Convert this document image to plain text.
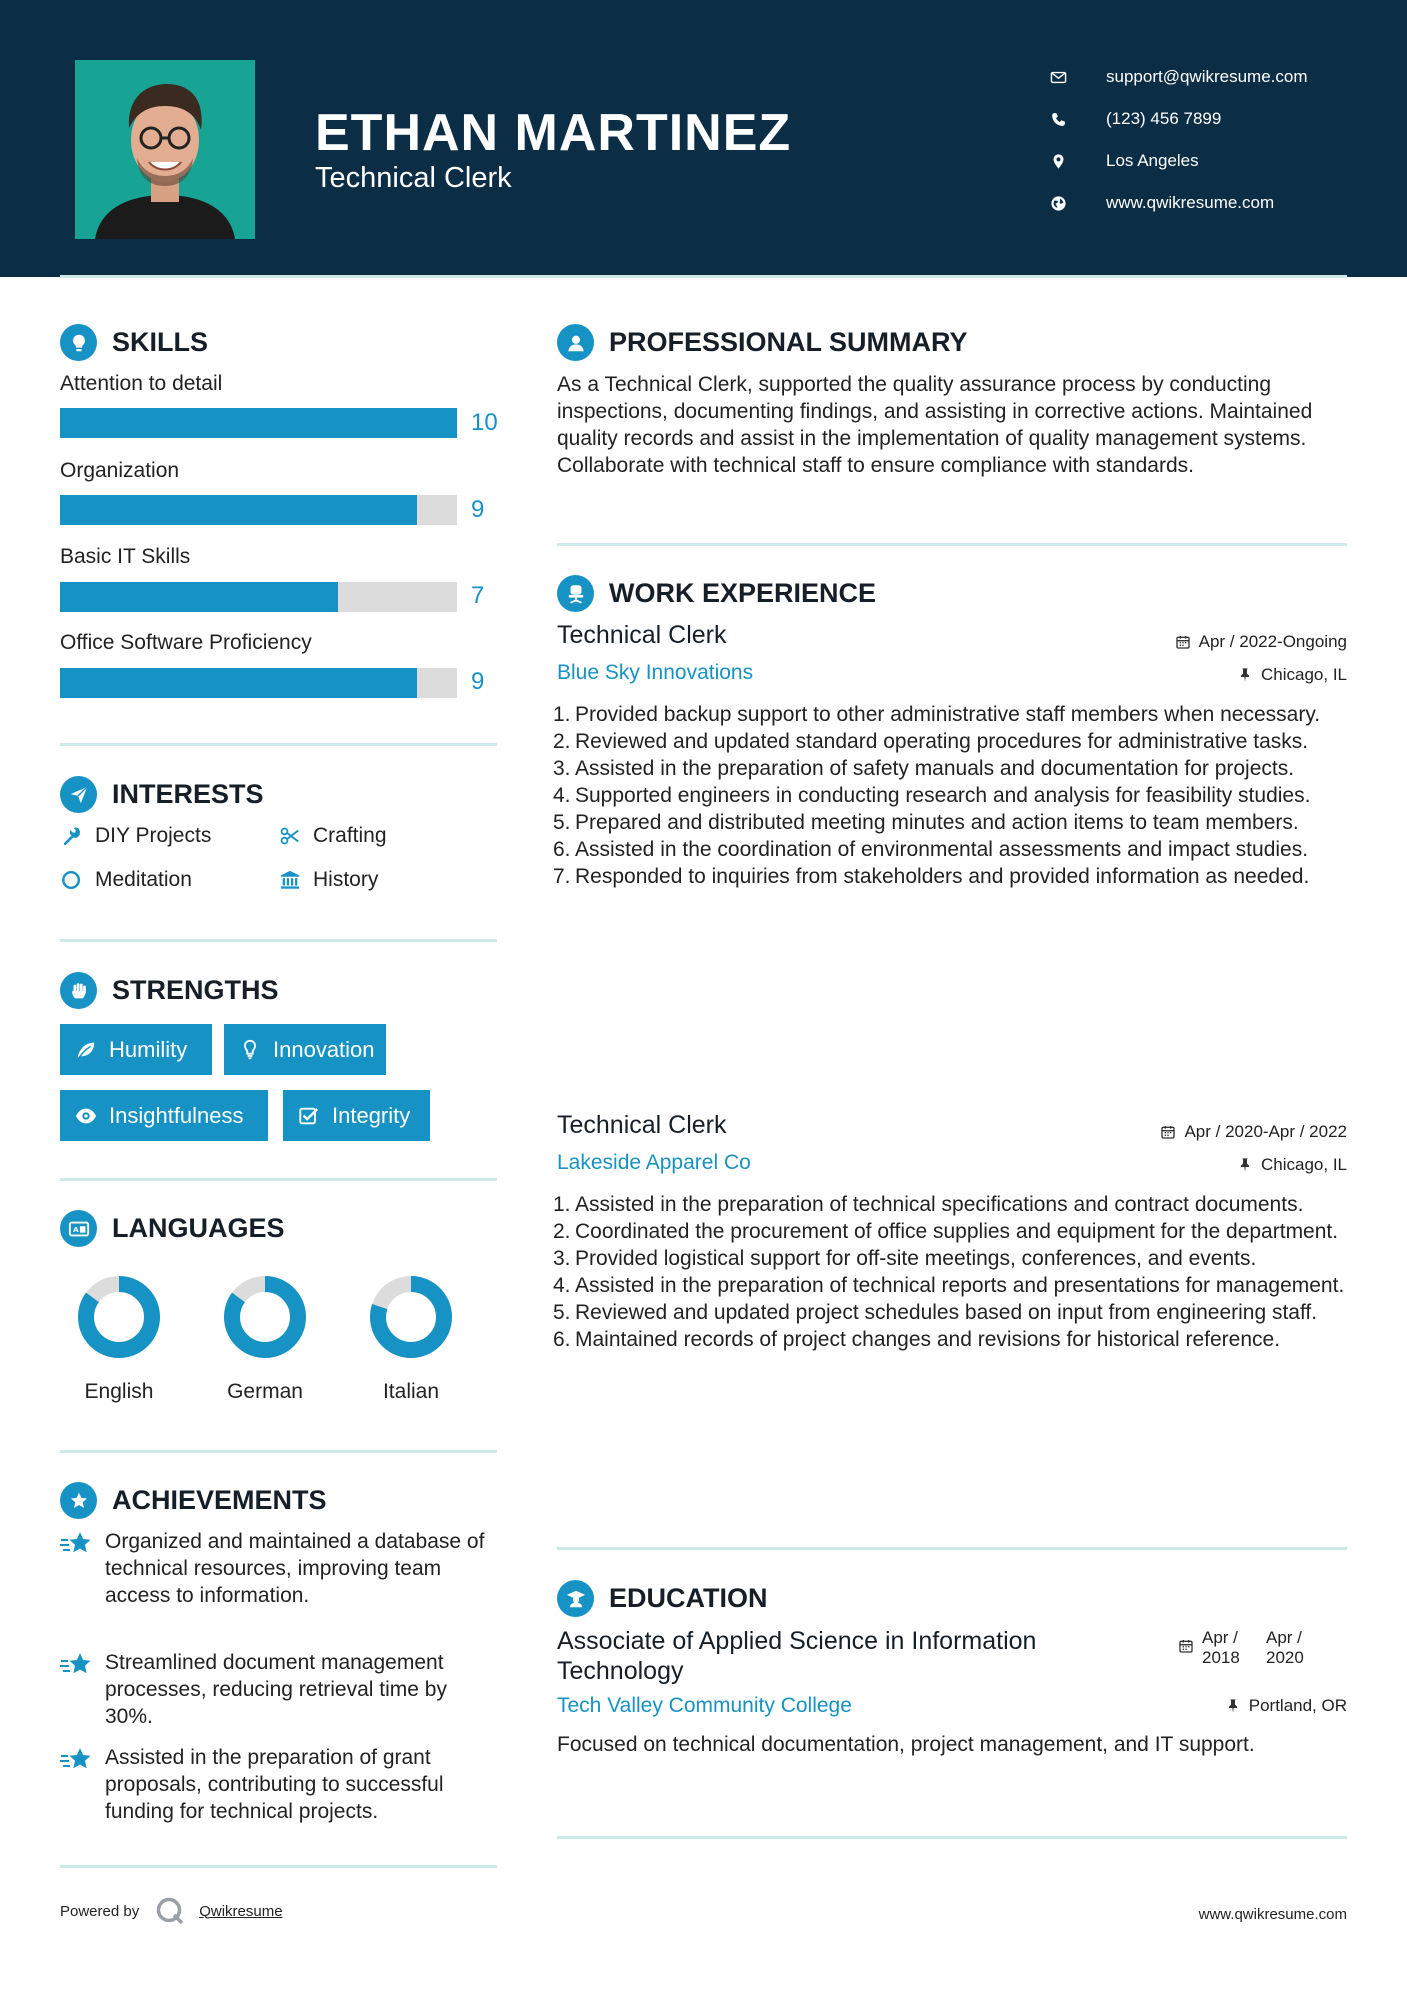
ETHAN MARTINEZ
Technical Clerk
support@qwikresume.com
(123) 456 7899
Los Angeles
www.qwikresume.com
SKILLS
Attention to detail
10
Organization
9
Basic IT Skills
7
Office Software Proficiency
9
INTERESTS
DIY Projects	Crafting
Meditation	History
STRENGTHS
Humility	Innovation
Insightfulness	Integrity
A LANGUAGES
English	German	Italian
ACHIEVEMENTS
Organized and maintained a database of technical resources, improving team access to information.
Streamlined document management processes, reducing retrieval time by 30%.
Assisted in the preparation of grant proposals, contributing to successful funding for technical projects.
PROFESSIONAL SUMMARY
As a Technical Clerk, supported the quality assurance process by conducting inspections, documenting findings, and assisting in corrective actions. Maintained quality records and assist in the implementation of quality management systems. Collaborate with technical staff to ensure compliance with standards.
WORK EXPERIENCE
Technical Clerk	Apr / 2022-Ongoing
Blue Sky Innovations	Chicago, IL
1. Provided backup support to other administrative staff members when necessary.
2. Reviewed and updated standard operating procedures for administrative tasks.
3. Assisted in the preparation of safety manuals and documentation for projects.
4. Supported engineers in conducting research and analysis for feasibility studies.
5. Prepared and distributed meeting minutes and action items to team members.
6. Assisted in the coordination of environmental assessments and impact studies.
7. Responded to inquiries from stakeholders and provided information as needed.
Technical Clerk	Apr / 2020-Apr / 2022
Lakeside Apparel Co	Chicago, IL
1. Assisted in the preparation of technical specifications and contract documents.
2. Coordinated the procurement of office supplies and equipment for the department.
3. Provided logistical support for off-site meetings, conferences, and events.
4. Assisted in the preparation of technical reports and presentations for management.
5. Reviewed and updated project schedules based on input from engineering staff.
6. Maintained records of project changes and revisions for historical reference.
EDUCATION
Associate of Applied Science in Information Technology
Apr / 2018
Apr / 2020
Tech Valley Community College	Portland, OR
Focused on technical documentation, project management, and IT support.
Powered by	Qwikresume	www.qwikresume.com
